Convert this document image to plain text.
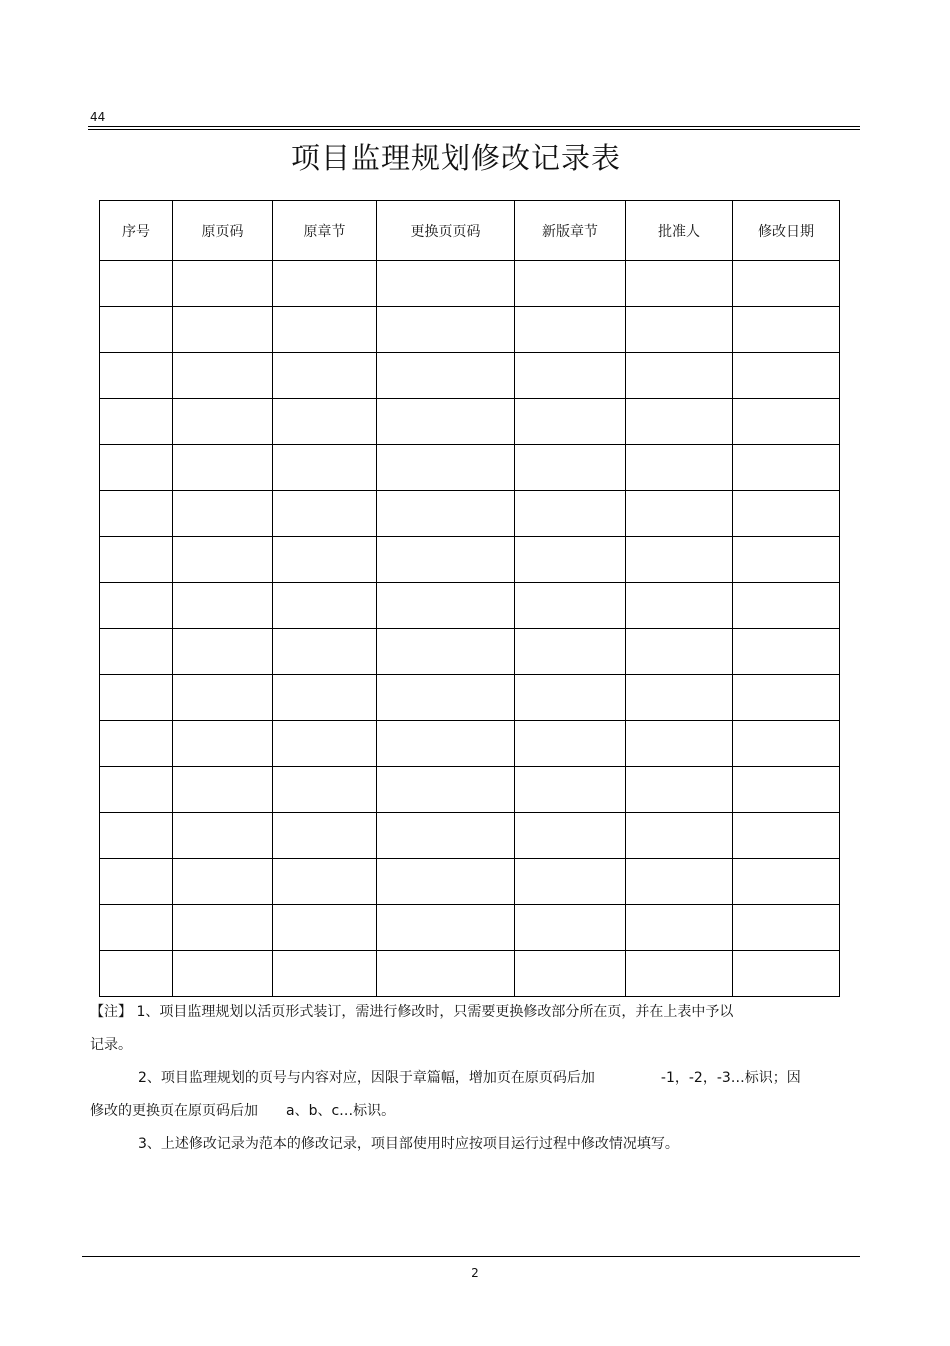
44
项目监理规划修改记录表
序号	原页码	原章节	更换页页码	新版章节	批准人	修改日期

【注】 1、项目监理规划以活页形式装订，需进行修改时，只需要更换修改部分所在页，并在上表中予以

记录。

2、项目监理规划的页号与内容对应，因限于章篇幅，增加页在原页码后加	-1，-2，-3…标识；因

修改的更换页在原页码后加 a、b、c…标识。

3、上述修改记录为范本的修改记录，项目部使用时应按项目运行过程中修改情况填写。

2
